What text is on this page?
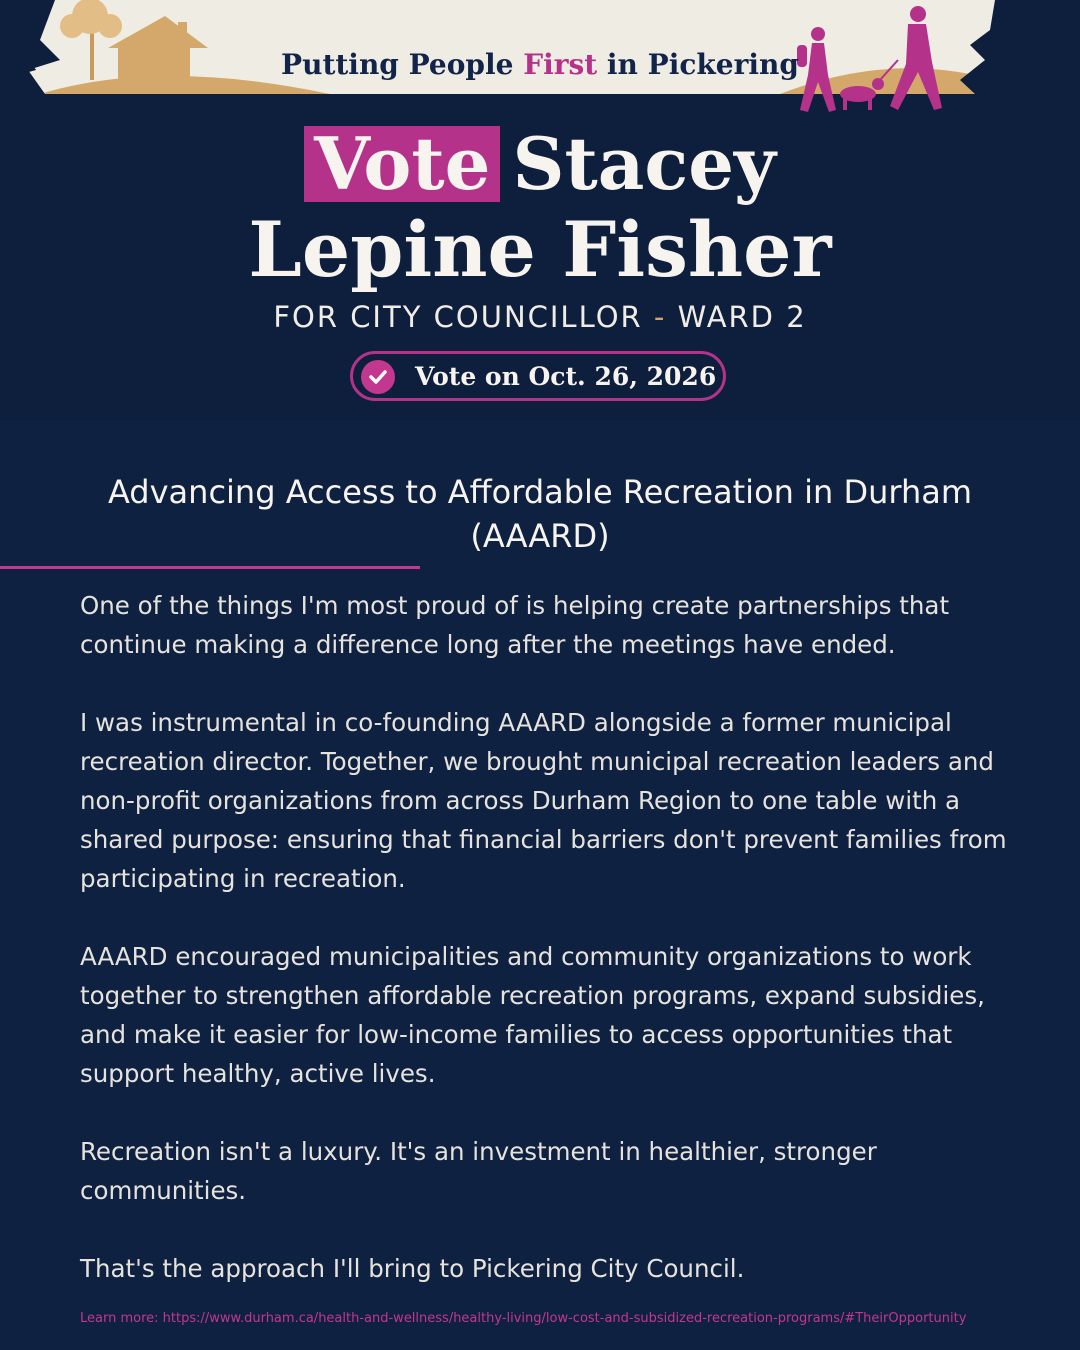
Putting People First in Pickering

Vote Stacey
Lepine Fisher

FOR CITY COUNCILLOR - WARD 2

Vote on Oct. 26, 2026
Advancing Access to Affordable Recreation in Durham (AAARD)

One of the things I'm most proud of is helping create partnerships that continue making a difference long after the meetings have ended.

I was instrumental in co-founding AAARD alongside a former municipal recreation director. Together, we brought municipal recreation leaders and non-profit organizations from across Durham Region to one table with a shared purpose: ensuring that financial barriers don't prevent families from participating in recreation.

AAARD encouraged municipalities and community organizations to work together to strengthen affordable recreation programs, expand subsidies, and make it easier for low-income families to access opportunities that support healthy, active lives.

Recreation isn't a luxury. It's an investment in healthier, stronger communities.

That's the approach I'll bring to Pickering City Council.

Learn more: https://www.durham.ca/health-and-wellness/healthy-living/low-cost-and-subsidized-recreation-programs/#TheirOpportunity
